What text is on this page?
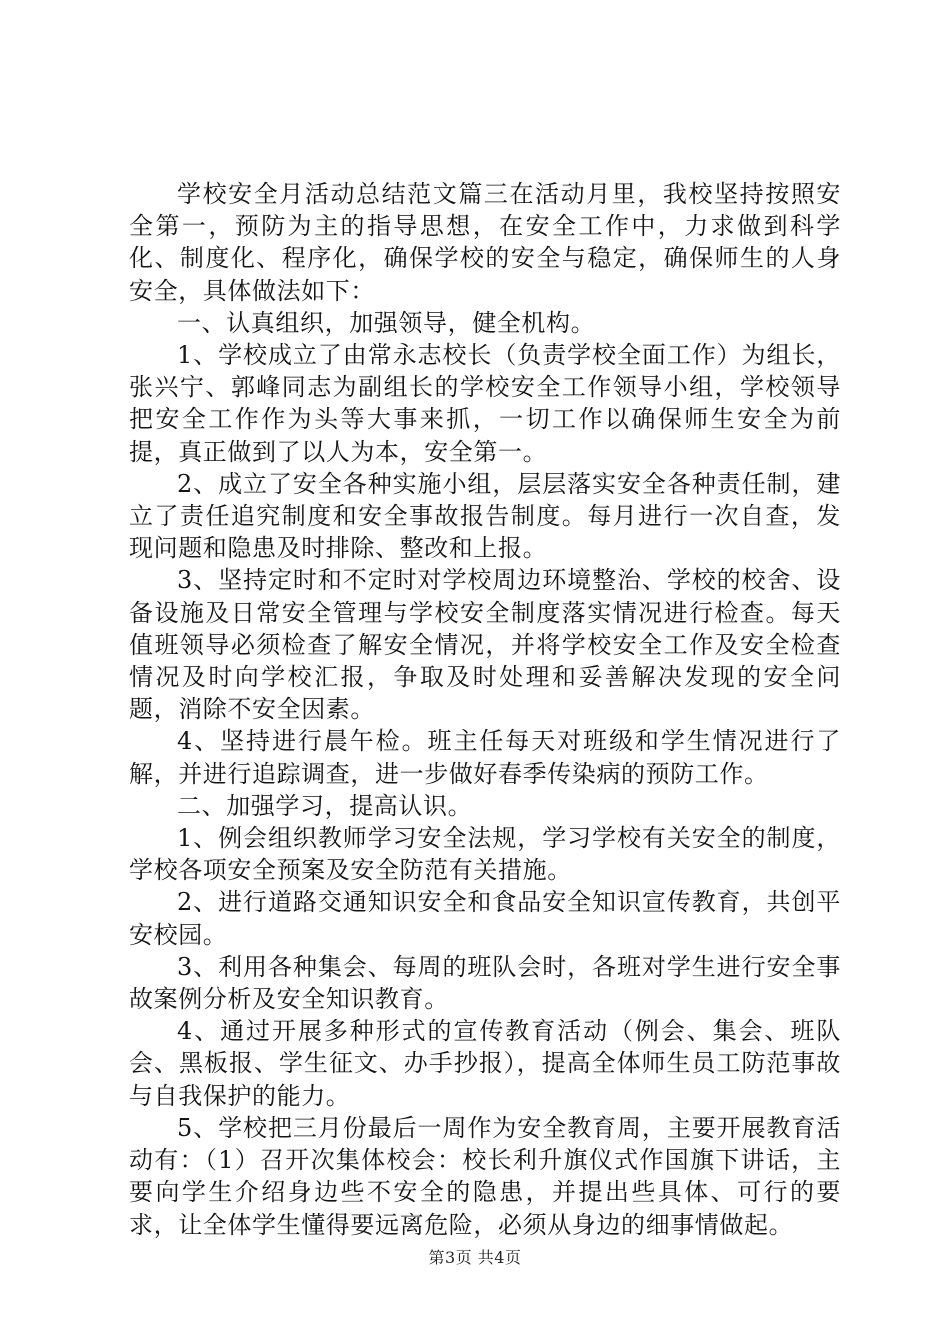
学校安全月活动总结范文篇三在活动月里，我校坚持按照安全第一，预防为主的指导思想，在安全工作中，力求做到科学化、制度化、程序化，确保学校的安全与稳定，确保师生的人身安全，具体做法如下：

一、认真组织，加强领导，健全机构。

1、学校成立了由常永志校长（负责学校全面工作）为组长，张兴宁、郭峰同志为副组长的学校安全工作领导小组，学校领导把安全工作作为头等大事来抓，一切工作以确保师生安全为前提，真正做到了以人为本，安全第一。

2、成立了安全各种实施小组，层层落实安全各种责任制，建立了责任追究制度和安全事故报告制度。每月进行一次自查，发现问题和隐患及时排除、整改和上报。

3、坚持定时和不定时对学校周边环境整治、学校的校舍、设备设施及日常安全管理与学校安全制度落实情况进行检查。每天值班领导必须检查了解安全情况，并将学校安全工作及安全检查情况及时向学校汇报，争取及时处理和妥善解决发现的安全问题，消除不安全因素。

4、坚持进行晨午检。班主任每天对班级和学生情况进行了解，并进行追踪调查，进一步做好春季传染病的预防工作。

二、加强学习，提高认识。

1、例会组织教师学习安全法规，学习学校有关安全的制度，学校各项安全预案及安全防范有关措施。

2、进行道路交通知识安全和食品安全知识宣传教育，共创平安校园。

3、利用各种集会、每周的班队会时，各班对学生进行安全事故案例分析及安全知识教育。

4、通过开展多种形式的宣传教育活动（例会、集会、班队会、黑板报、学生征文、办手抄报），提高全体师生员工防范事故与自我保护的能力。

5、学校把三月份最后一周作为安全教育周，主要开展教育活动有：（1）召开次集体校会：校长利升旗仪式作国旗下讲话，主要向学生介绍身边些不安全的隐患，并提出些具体、可行的要求，让全体学生懂得要远离危险，必须从身边的细事情做起。

第3页 共4页
